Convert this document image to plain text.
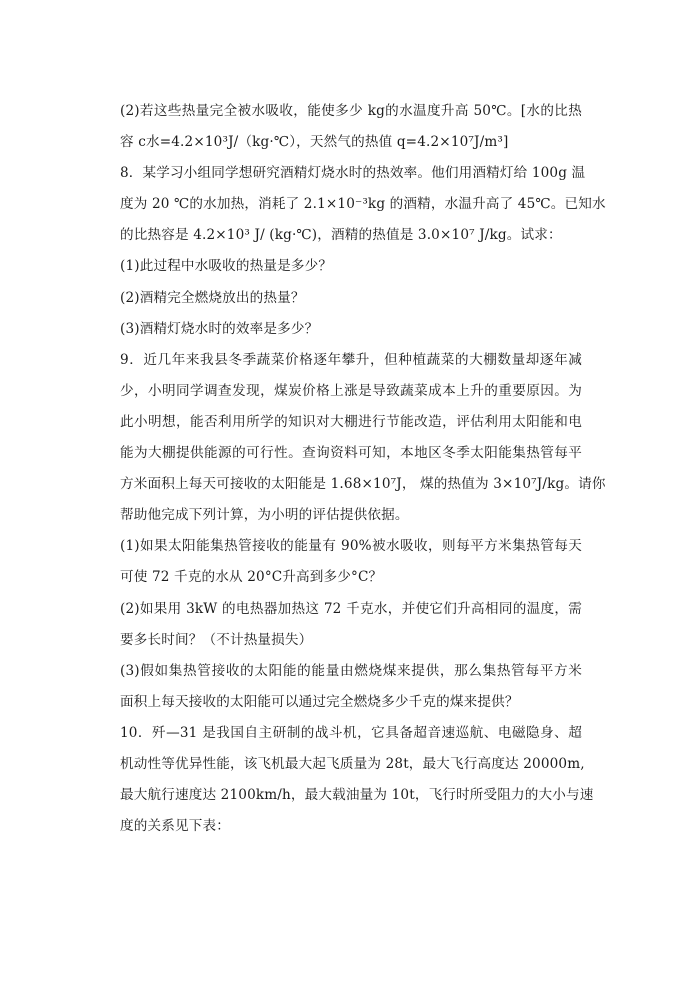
(2)若这些热量完全被水吸收，能使多少 kg的水温度升高 50℃。[水的比热
容 c水=4.2×10³J/（kg·℃），天然气的热值 q=4.2×10⁷J/m³]
8．某学习小组同学想研究酒精灯烧水时的热效率。他们用酒精灯给 100g 温
度为 20 ℃的水加热，消耗了 2.1×10⁻³kg 的酒精，水温升高了 45℃。已知水
的比热容是 4.2×10³ J/ (kg·℃)，酒精的热值是 3.0×10⁷ J/kg。试求：
(1)此过程中水吸收的热量是多少？
(2)酒精完全燃烧放出的热量？
(3)酒精灯烧水时的效率是多少？
9．近几年来我县冬季蔬菜价格逐年攀升，但种植蔬菜的大棚数量却逐年减
少，小明同学调查发现，煤炭价格上涨是导致蔬菜成本上升的重要原因。为
此小明想，能否利用所学的知识对大棚进行节能改造，评估利用太阳能和电
能为大棚提供能源的可行性。查询资料可知，本地区冬季太阳能集热管每平
方米面积上每天可接收的太阳能是 1.68×10⁷J， 煤的热值为 3×10⁷J/kg。请你
帮助他完成下列计算，为小明的评估提供依据。
(1)如果太阳能集热管接收的能量有 90%被水吸收，则每平方米集热管每天
可使 72 千克的水从 20°C升高到多少°C？
(2)如果用 3kW 的电热器加热这 72 千克水，并使它们升高相同的温度，需
要多长时间？（不计热量损失）
(3)假如集热管接收的太阳能的能量由燃烧煤来提供，那么集热管每平方米
面积上每天接收的太阳能可以通过完全燃烧多少千克的煤来提供？
10．歼—31 是我国自主研制的战斗机，它具备超音速巡航、电磁隐身、超
机动性等优异性能，该飞机最大起飞质量为 28t，最大飞行高度达 20000m,
最大航行速度达 2100km/h，最大载油量为 10t，飞行时所受阻力的大小与速
度的关系见下表：
